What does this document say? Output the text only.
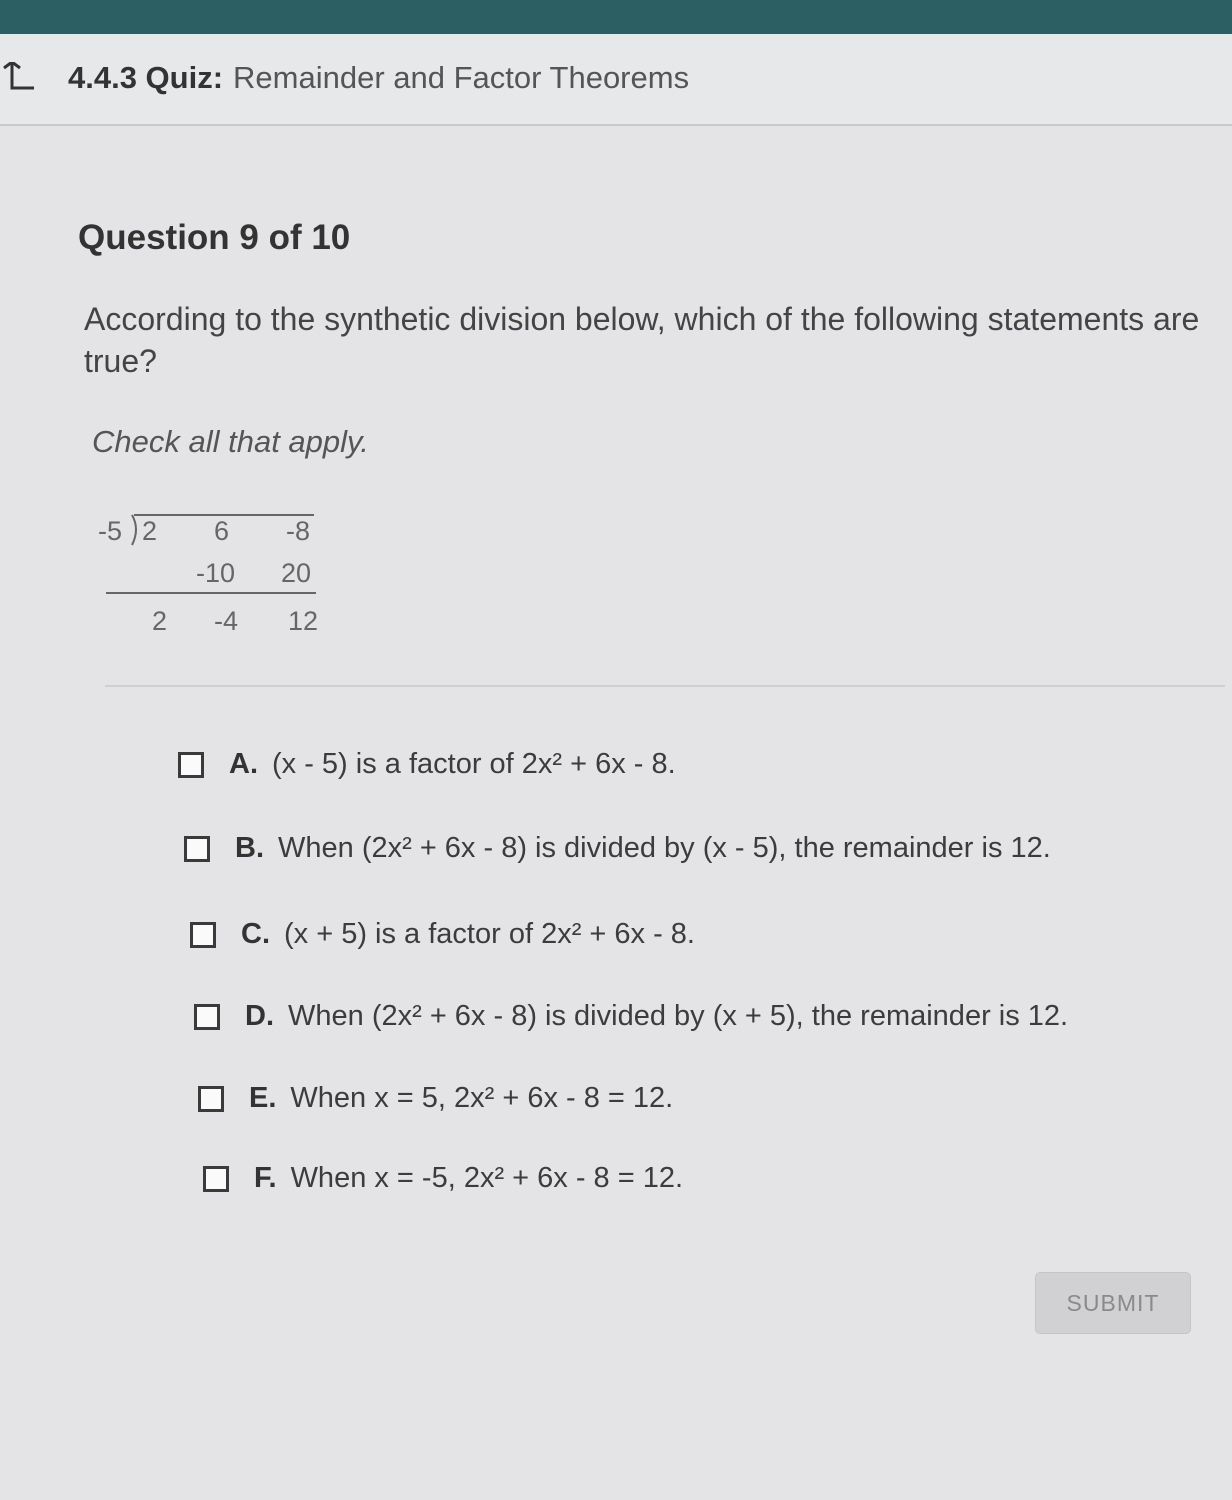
4.4.3 Quiz: Remainder and Factor Theorems
Question 9 of 10
According to the synthetic division below, which of the following statements are true?
Check all that apply.
-5 2 6 -8
-10 20
2 -4 12
A. (x - 5) is a factor of 2x² + 6x - 8.
B. When (2x² + 6x - 8) is divided by (x - 5), the remainder is 12.
C. (x + 5) is a factor of 2x² + 6x - 8.
D. When (2x² + 6x - 8) is divided by (x + 5), the remainder is 12.
E. When x = 5, 2x² + 6x - 8 = 12.
F. When x = -5, 2x² + 6x - 8 = 12.
SUBMIT
